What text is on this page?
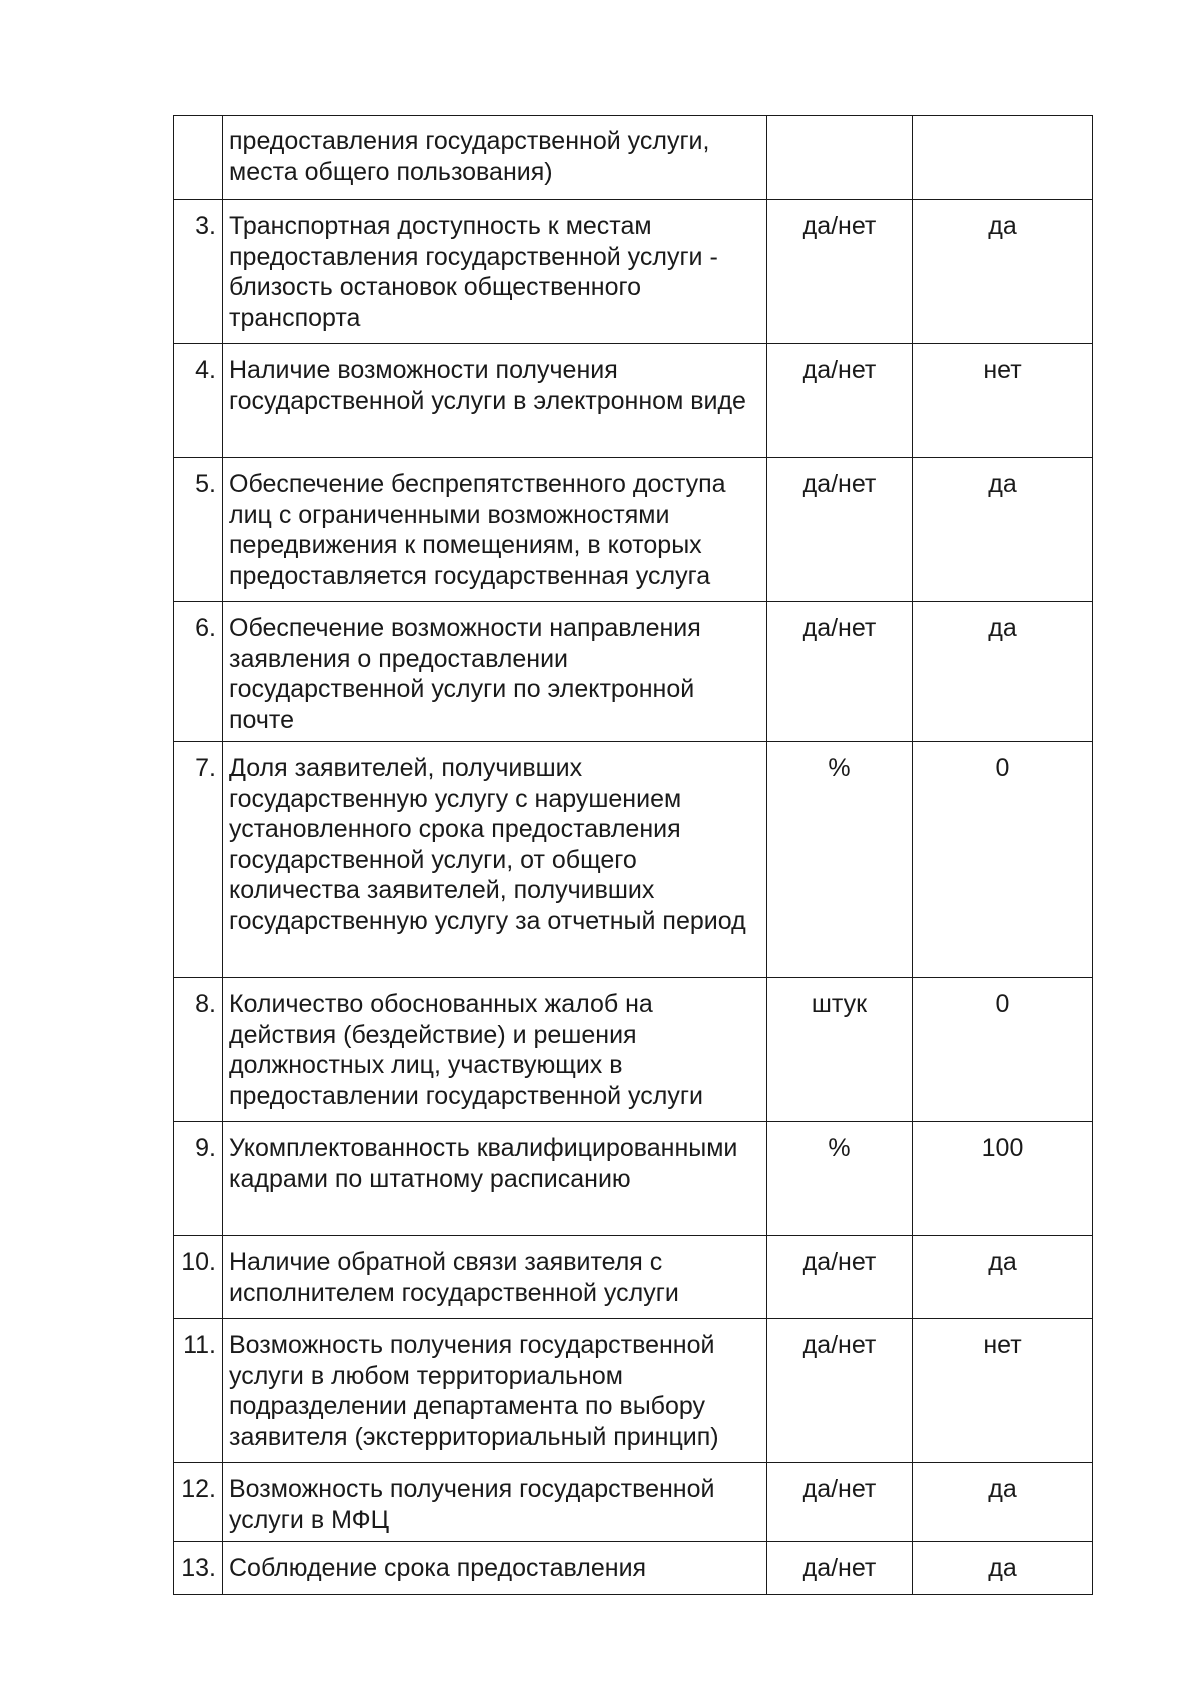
	предоставления государственной услуги, места общего пользования)		
3.	Транспортная доступность к местам предоставления государственной услуги - близость остановок общественного транспорта	да/нет	да
4.	Наличие возможности получения государственной услуги в электронном виде	да/нет	нет
5.	Обеспечение беспрепятственного доступа лиц с ограниченными возможностями передвижения к помещениям, в которых предоставляется государственная услуга	да/нет	да
6.	Обеспечение возможности направления заявления о предоставлении государственной услуги по электронной почте	да/нет	да
7.	Доля заявителей, получивших государственную услугу с нарушением установленного срока предоставления государственной услуги, от общего количества заявителей, получивших государственную услугу за отчетный период	%	0
8.	Количество обоснованных жалоб на действия (бездействие) и решения должностных лиц, участвующих в предоставлении государственной услуги	штук	0
9.	Укомплектованность квалифицированными кадрами по штатному расписанию	%	100
10.	Наличие обратной связи заявителя с исполнителем государственной услуги	да/нет	да
11.	Возможность получения государственной услуги в любом территориальном подразделении департамента по выбору заявителя (экстерриториальный принцип)	да/нет	нет
12.	Возможность получения государственной услуги в МФЦ	да/нет	да
13.	Соблюдение срока предоставления	да/нет	да
